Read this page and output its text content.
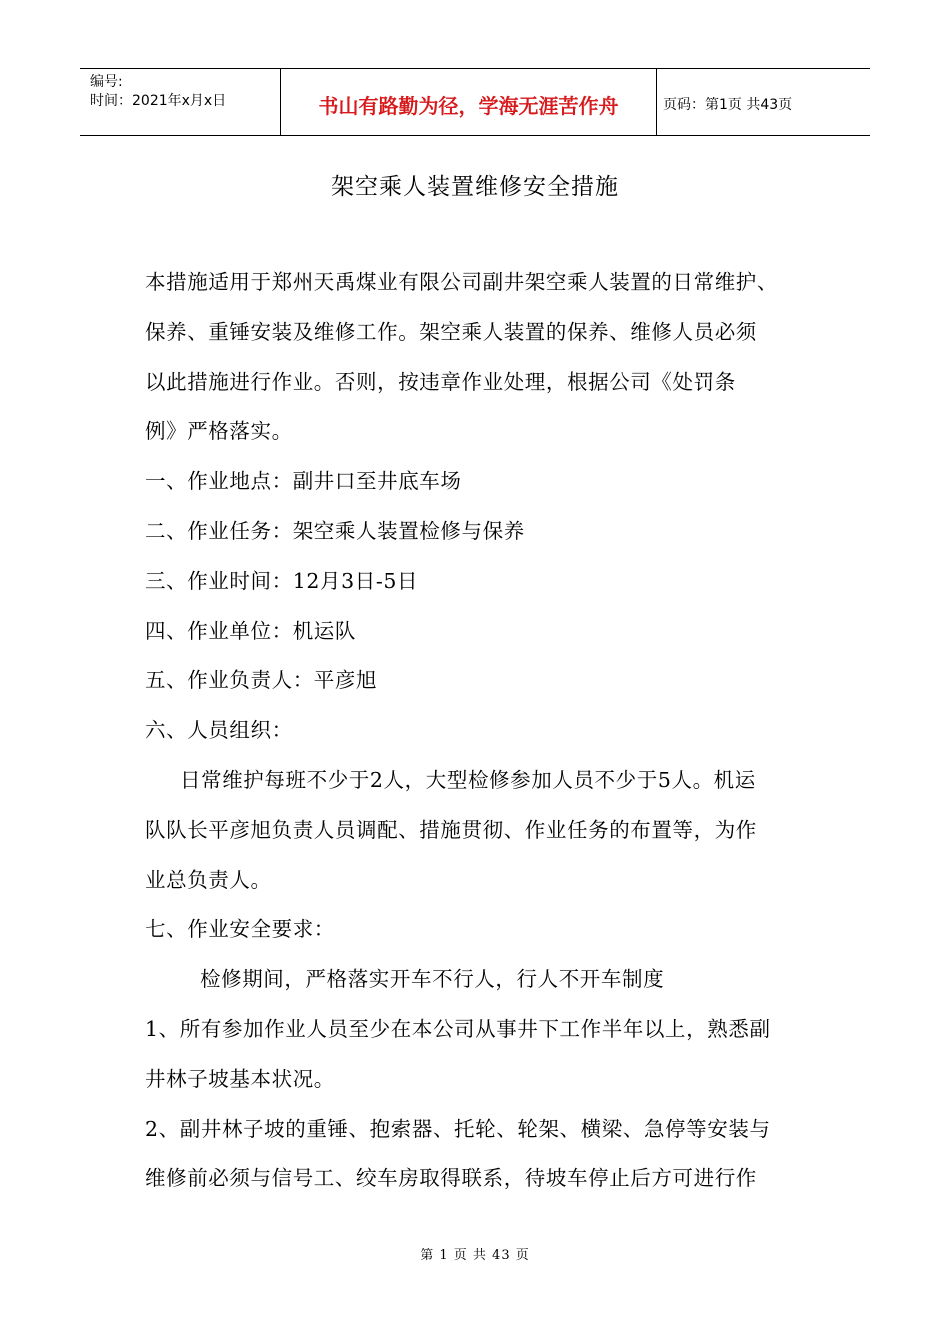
编号:
时间：2021年x月x日	书山有路勤为径，学海无涯苦作舟	页码：第1页 共43页
架空乘人装置维修安全措施
本措施适用于郑州天禹煤业有限公司副井架空乘人装置的日常维护、
保养、重锤安装及维修工作。架空乘人装置的保养、维修人员必须
以此措施进行作业。否则，按违章作业处理，根据公司《处罚条
例》严格落实。
一、作业地点：副井口至井底车场
二、作业任务：架空乘人装置检修与保养
三、作业时间：12月3日-5日
四、作业单位：机运队
五、作业负责人：平彦旭
六、人员组织：
日常维护每班不少于2人，大型检修参加人员不少于5人。机运
队队长平彦旭负责人员调配、措施贯彻、作业任务的布置等，为作
业总负责人。
七、作业安全要求：
检修期间，严格落实开车不行人，行人不开车制度
1、所有参加作业人员至少在本公司从事井下工作半年以上，熟悉副
井林子坡基本状况。
2、副井林子坡的重锤、抱索器、托轮、轮架、横梁、急停等安装与
维修前必须与信号工、绞车房取得联系，待坡车停止后方可进行作
第 1 页 共 43 页
